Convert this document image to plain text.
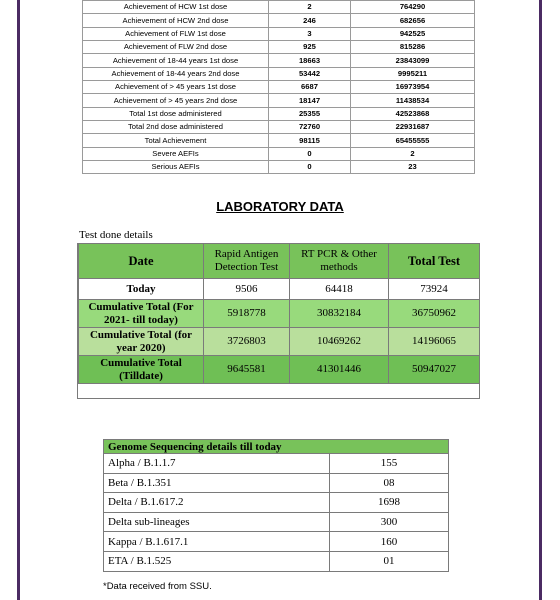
Achievement of HCW 1st dose	2	764290
Achievement of HCW 2nd dose	246	682656
Achievement of FLW 1st dose	3	942525
Achievement of FLW 2nd dose	925	815286
Achievement of 18-44 years 1st dose	18663	23843099
Achievement of 18-44 years 2nd dose	53442	9995211
Achievement of > 45 years 1st dose	6687	16973954
Achievement of > 45 years 2nd dose	18147	11438534
Total 1st dose administered	25355	42523868
Total 2nd dose administered	72760	22931687
Total Achievement	98115	65455555
Severe AEFIs	0	2
Serious AEFIs	0	23
LABORATORY DATA
Test done details
Date	Rapid Antigen Detection Test	RT PCR & Other methods	Total Test
Today	9506	64418	73924
Cumulative Total (For 2021- till today)	5918778	30832184	36750962
Cumulative Total (for year 2020)	3726803	10469262	14196065
Cumulative Total (Tilldate)	9645581	41301446	50947027
Genome Sequencing details till today	
Alpha / B.1.1.7	155
Beta / B.1.351	08
Delta / B.1.617.2	1698
Delta sub-lineages	300
Kappa / B.1.617.1	160
ETA / B.1.525	01
*Data received from SSU.
